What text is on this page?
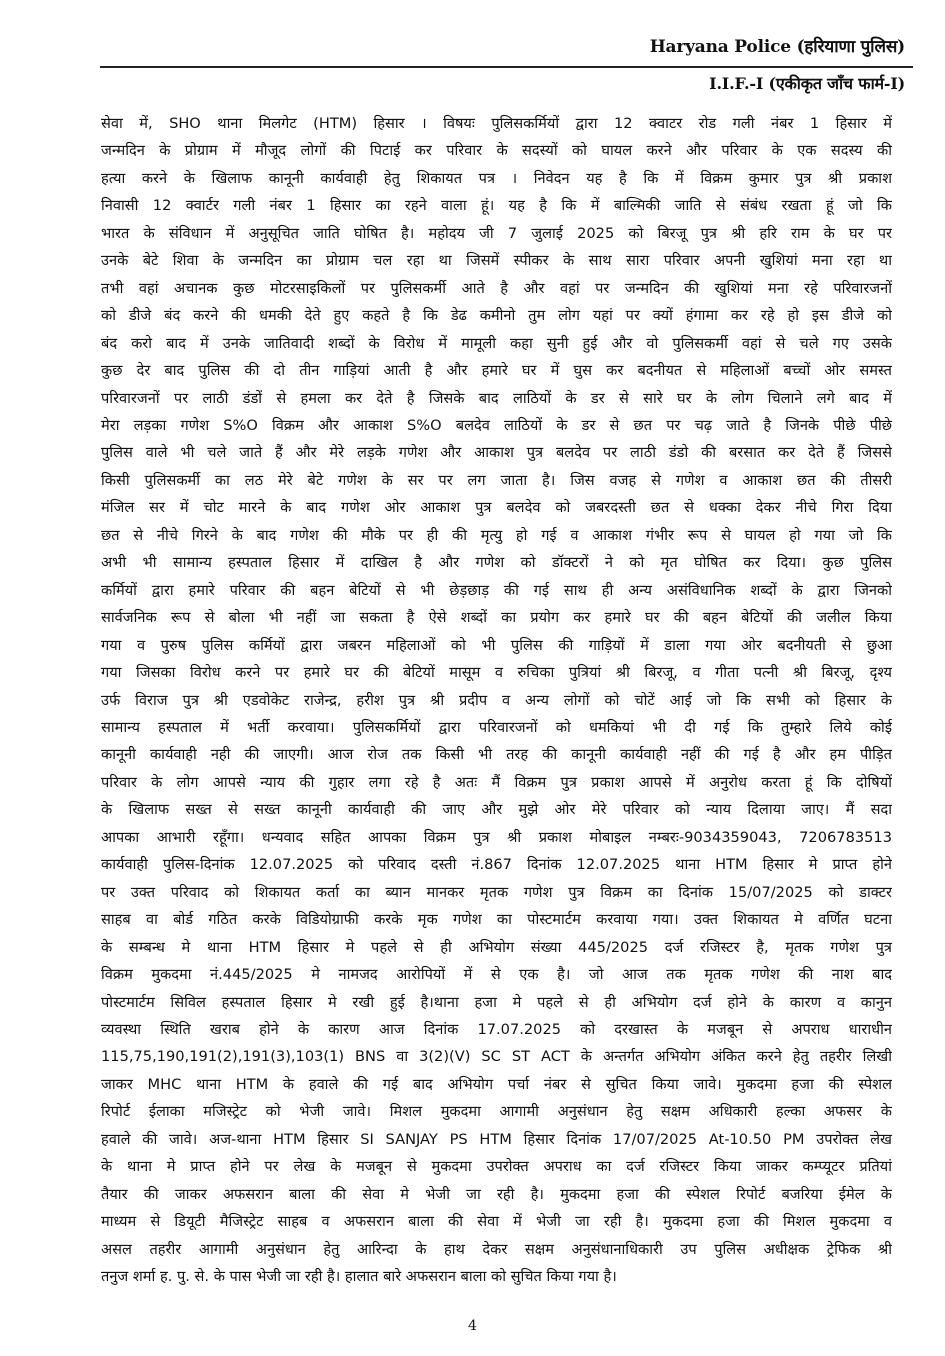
Haryana Police (हरियाणा पुलिस)
I.I.F.-I (एकीकृत जाँच फार्म-I)
सेवा में, SHO थाना मिलगेट (HTM) हिसार । विषयः पुलिसकर्मियों द्वारा 12 क्वाटर रोड गली नंबर 1 हिसार में
जन्मदिन के प्रोग्राम में मौजूद लोगों की पिटाई कर परिवार के सदस्यों को घायल करने और परिवार के एक सदस्य की
हत्या करने के खिलाफ कानूनी कार्यवाही हेतु शिकायत पत्र । निवेदन यह है कि में विक्रम कुमार पुत्र श्री प्रकाश
निवासी 12 क्वार्टर गली नंबर 1 हिसार का रहने वाला हूं। यह है कि में बाल्मिकी जाति से संबंध रखता हूं जो कि
भारत के संविधान में अनुसूचित जाति घोषित है। महोदय जी 7 जुलाई 2025 को बिरजू पुत्र श्री हरि राम के घर पर
उनके बेटे शिवा के जन्मदिन का प्रोग्राम चल रहा था जिसमें स्पीकर के साथ सारा परिवार अपनी खुशियां मना रहा था
तभी वहां अचानक कुछ मोटरसाइकिलों पर पुलिसकर्मी आते है और वहां पर जन्मदिन की खुशियां मना रहे परिवारजनों
को डीजे बंद करने की धमकी देते हुए कहते है कि डेढ कमीनो तुम लोग यहां पर क्यों हंगामा कर रहे हो इस डीजे को
बंद करो बाद में उनके जातिवादी शब्दों के विरोध में मामूली कहा सुनी हुई और वो पुलिसकर्मी वहां से चले गए उसके
कुछ देर बाद पुलिस की दो तीन गाड़ियां आती है और हमारे घर में घुस कर बदनीयत से महिलाओं बच्चों ओर समस्त
परिवारजनों पर लाठी डंडों से हमला कर देते है जिसके बाद लाठियों के डर से सारे घर के लोग चिलाने लगे बाद में
मेरा लड़का गणेश S%O विक्रम और आकाश S%O बलदेव लाठियों के डर से छत पर चढ़ जाते है जिनके पीछे पीछे
पुलिस वाले भी चले जाते हैं और मेरे लड़के गणेश और आकाश पुत्र बलदेव पर लाठी डंडो की बरसात कर देते हैं जिससे
किसी पुलिसकर्मी का लठ मेरे बेटे गणेश के सर पर लग जाता है। जिस वजह से गणेश व आकाश छत की तीसरी
मंजिल सर में चोट मारने के बाद गणेश ओर आकाश पुत्र बलदेव को जबरदस्ती छत से धक्का देकर नीचे गिरा दिया
छत से नीचे गिरने के बाद गणेश की मौके पर ही की मृत्यु हो गई व आकाश गंभीर रूप से घायल हो गया जो कि
अभी भी सामान्य हस्पताल हिसार में दाखिल है और गणेश को डॉक्टरों ने को मृत घोषित कर दिया। कुछ पुलिस
कर्मियों द्वारा हमारे परिवार की बहन बेटियों से भी छेड़छाड़ की गई साथ ही अन्य असंविधानिक शब्दों के द्वारा जिनको
सार्वजनिक रूप से बोला भी नहीं जा सकता है ऐसे शब्दों का प्रयोग कर हमारे घर की बहन बेटियों की जलील किया
गया व पुरुष पुलिस कर्मियों द्वारा जबरन महिलाओं को भी पुलिस की गाड़ियों में डाला गया ओर बदनीयती से छुआ
गया जिसका विरोध करने पर हमारे घर की बेटियों मासूम व रुचिका पुत्रियां श्री बिरजू, व गीता पत्नी श्री बिरजू, दृश्य
उर्फ विराज पुत्र श्री एडवोकेट राजेन्द्र, हरीश पुत्र श्री प्रदीप व अन्य लोगों को चोटें आई जो कि सभी को हिसार के
सामान्य हस्पताल में भर्ती करवाया। पुलिसकर्मियों द्वारा परिवारजनों को धमकियां भी दी गई कि तुम्हारे लिये कोई
कानूनी कार्यवाही नही की जाएगी। आज रोज तक किसी भी तरह की कानूनी कार्यवाही नहीं की गई है और हम पीड़ित
परिवार के लोग आपसे न्याय की गुहार लगा रहे है अतः मैं विक्रम पुत्र प्रकाश आपसे में अनुरोध करता हूं कि दोषियों
के खिलाफ सख्त से सख्त कानूनी कार्यवाही की जाए और मुझे ओर मेरे परिवार को न्याय दिलाया जाए। मैं सदा
आपका आभारी रहूँगा। धन्यवाद सहित आपका विक्रम पुत्र श्री प्रकाश मोबाइल नम्बरः-9034359043, 7206783513
कार्यवाही पुलिस-दिनांक 12.07.2025 को परिवाद दस्ती नं.867 दिनांक 12.07.2025 थाना HTM हिसार मे प्राप्त होने
पर उक्त परिवाद को शिकायत कर्ता का ब्यान मानकर मृतक गणेश पुत्र विक्रम का दिनांक 15/07/2025 को डाक्टर
साहब वा बोर्ड गठित करके विडियोग्राफी करके मृक गणेश का पोस्टमार्टम करवाया गया। उक्त शिकायत मे वर्णित घटना
के सम्बन्ध मे थाना HTM हिसार मे पहले से ही अभियोग संख्या 445/2025 दर्ज रजिस्टर है, मृतक गणेश पुत्र
विक्रम मुकदमा नं.445/2025 मे नामजद आरोपियों में से एक है। जो आज तक मृतक गणेश की नाश बाद
पोस्टमार्टम सिविल हस्पताल हिसार मे रखी हुई है।थाना हजा मे पहले से ही अभियोग दर्ज होने के कारण व कानुन
व्यवस्था स्थिति खराब होने के कारण आज दिनांक 17.07.2025 को दरखास्त के मजबून से अपराध धाराधीन
115,75,190,191(2),191(3),103(1) BNS वा 3(2)(V) SC ST ACT के अन्तर्गत अभियोग अंकित करने हेतु तहरीर लिखी
जाकर MHC थाना HTM के हवाले की गई बाद अभियोग पर्चा नंबर से सुचित किया जावे। मुकदमा हजा की स्पेशल
रिपोर्ट ईलाका मजिस्ट्रेट को भेजी जावे। मिशल मुकदमा आगामी अनुसंधान हेतु सक्षम अधिकारी हल्का अफसर के
हवाले की जावे। अज-थाना HTM हिसार SI SANJAY PS HTM हिसार दिनांक 17/07/2025 At-10.50 PM उपरोक्त लेख
के थाना मे प्राप्त होने पर लेख के मजबून से मुकदमा उपरोक्त अपराध का दर्ज रजिस्टर किया जाकर कम्प्यूटर प्रतियां
तैयार की जाकर अफसरान बाला की सेवा मे भेजी जा रही है। मुकदमा हजा की स्पेशल रिपोर्ट बजरिया ईमेल के
माध्यम से डियूटी मैजिस्ट्रेट साहब व अफसरान बाला की सेवा में भेजी जा रही है। मुकदमा हजा की मिशल मुकदमा व
असल तहरीर आगामी अनुसंधान हेतु आरिन्दा के हाथ देकर सक्षम अनुसंधानाधिकारी उप पुलिस अधीक्षक ट्रेफिक श्री
तनुज शर्मा ह. पु. से. के पास भेजी जा रही है। हालात बारे अफसरान बाला को सुचित किया गया है।
4
